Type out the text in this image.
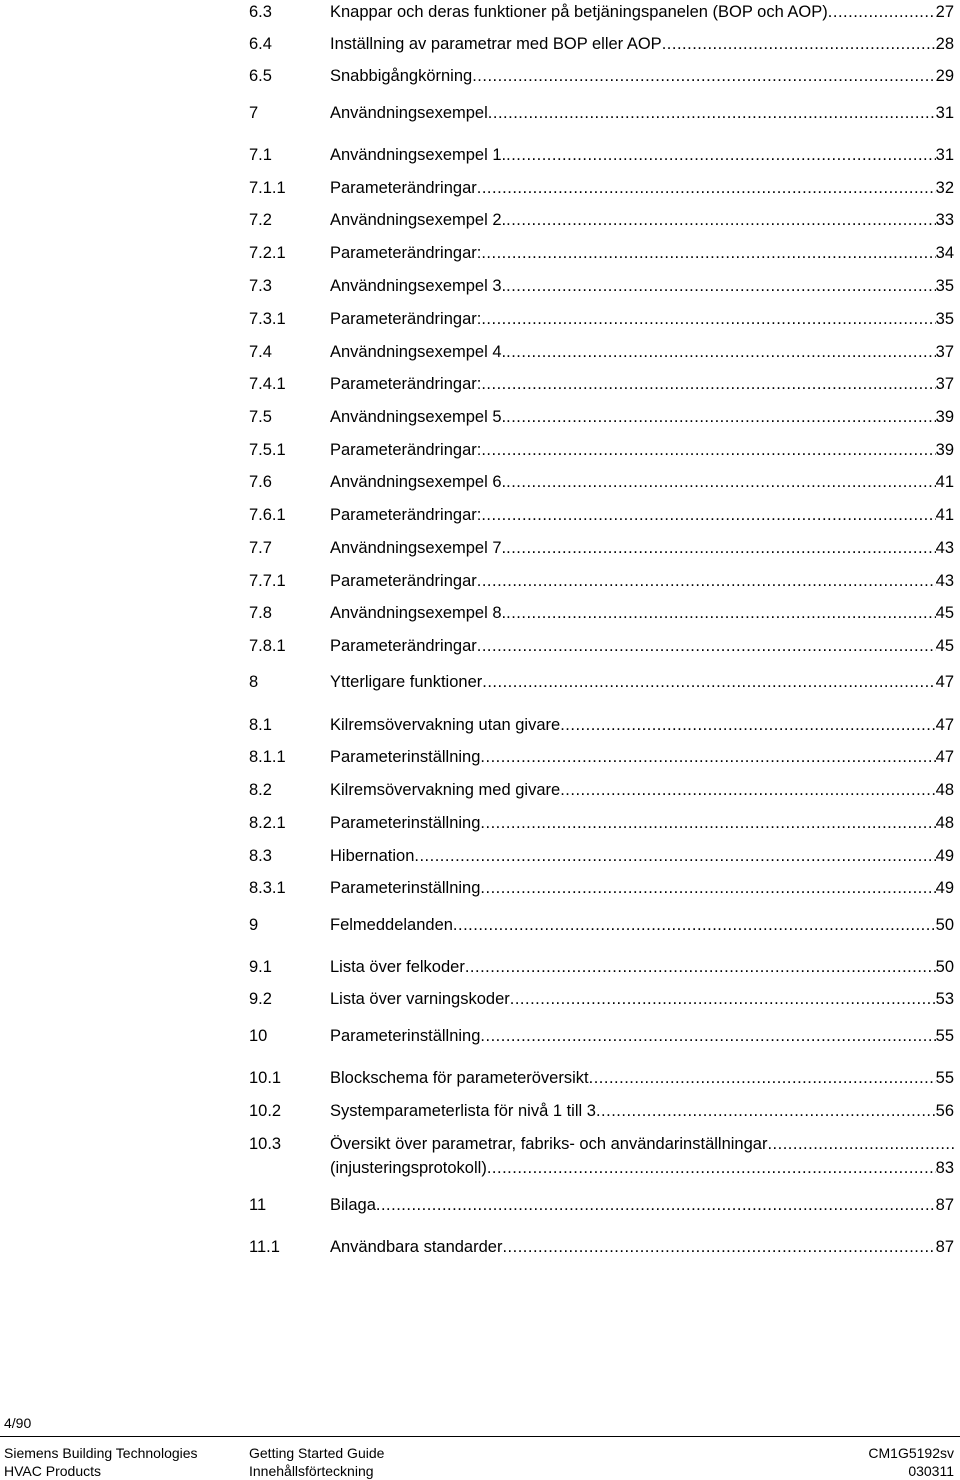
6.3	Knappar och deras funktioner på betjäningspanelen (BOP och AOP) .....	27
6.4	Inställning av parametrar med BOP eller AOP .....	28
6.5	Snabbigångkörning .....	29
7	Användningsexempel .....	31
7.1	Användningsexempel 1. .....	31
7.1.1	Parameterändringar .....	32
7.2	Användningsexempel 2. .....	33
7.2.1	Parameterändringar: .....	34
7.3	Användningsexempel 3. .....	35
7.3.1	Parameterändringar: .....	35
7.4	Användningsexempel 4. .....	37
7.4.1	Parameterändringar: .....	37
7.5	Användningsexempel 5. .....	39
7.5.1	Parameterändringar: .....	39
7.6	Användningsexempel 6. .....	41
7.6.1	Parameterändringar: .....	41
7.7	Användningsexempel 7. .....	43
7.7.1	Parameterändringar .....	43
7.8	Användningsexempel 8. .....	45
7.8.1	Parameterändringar .....	45
8	Ytterligare funktioner .....	47
8.1	Kilremsövervakning utan givare .....	47
8.1.1	Parameterinställning .....	47
8.2	Kilremsövervakning med givare .....	48
8.2.1	Parameterinställning .....	48
8.3	Hibernation .....	49
8.3.1	Parameterinställning .....	49
9	Felmeddelanden .....	50
9.1	Lista över felkoder .....	50
9.2	Lista över varningskoder .....	53
10	Parameterinställning .....	55
10.1	Blockschema för parameteröversikt .....	55
10.2	Systemparameterlista för nivå 1 till 3 .....	56
10.3	Översikt över parametrar, fabriks- och användarinställningar
.....
(injusteringsprotokoll) .....	83
11	Bilaga .....	87
11.1	Användbara standarder .....	87
4/90
Siemens Building Technologies
HVAC Products
Getting Started Guide
Innehållsförteckning
CM1G5192sv
030311
